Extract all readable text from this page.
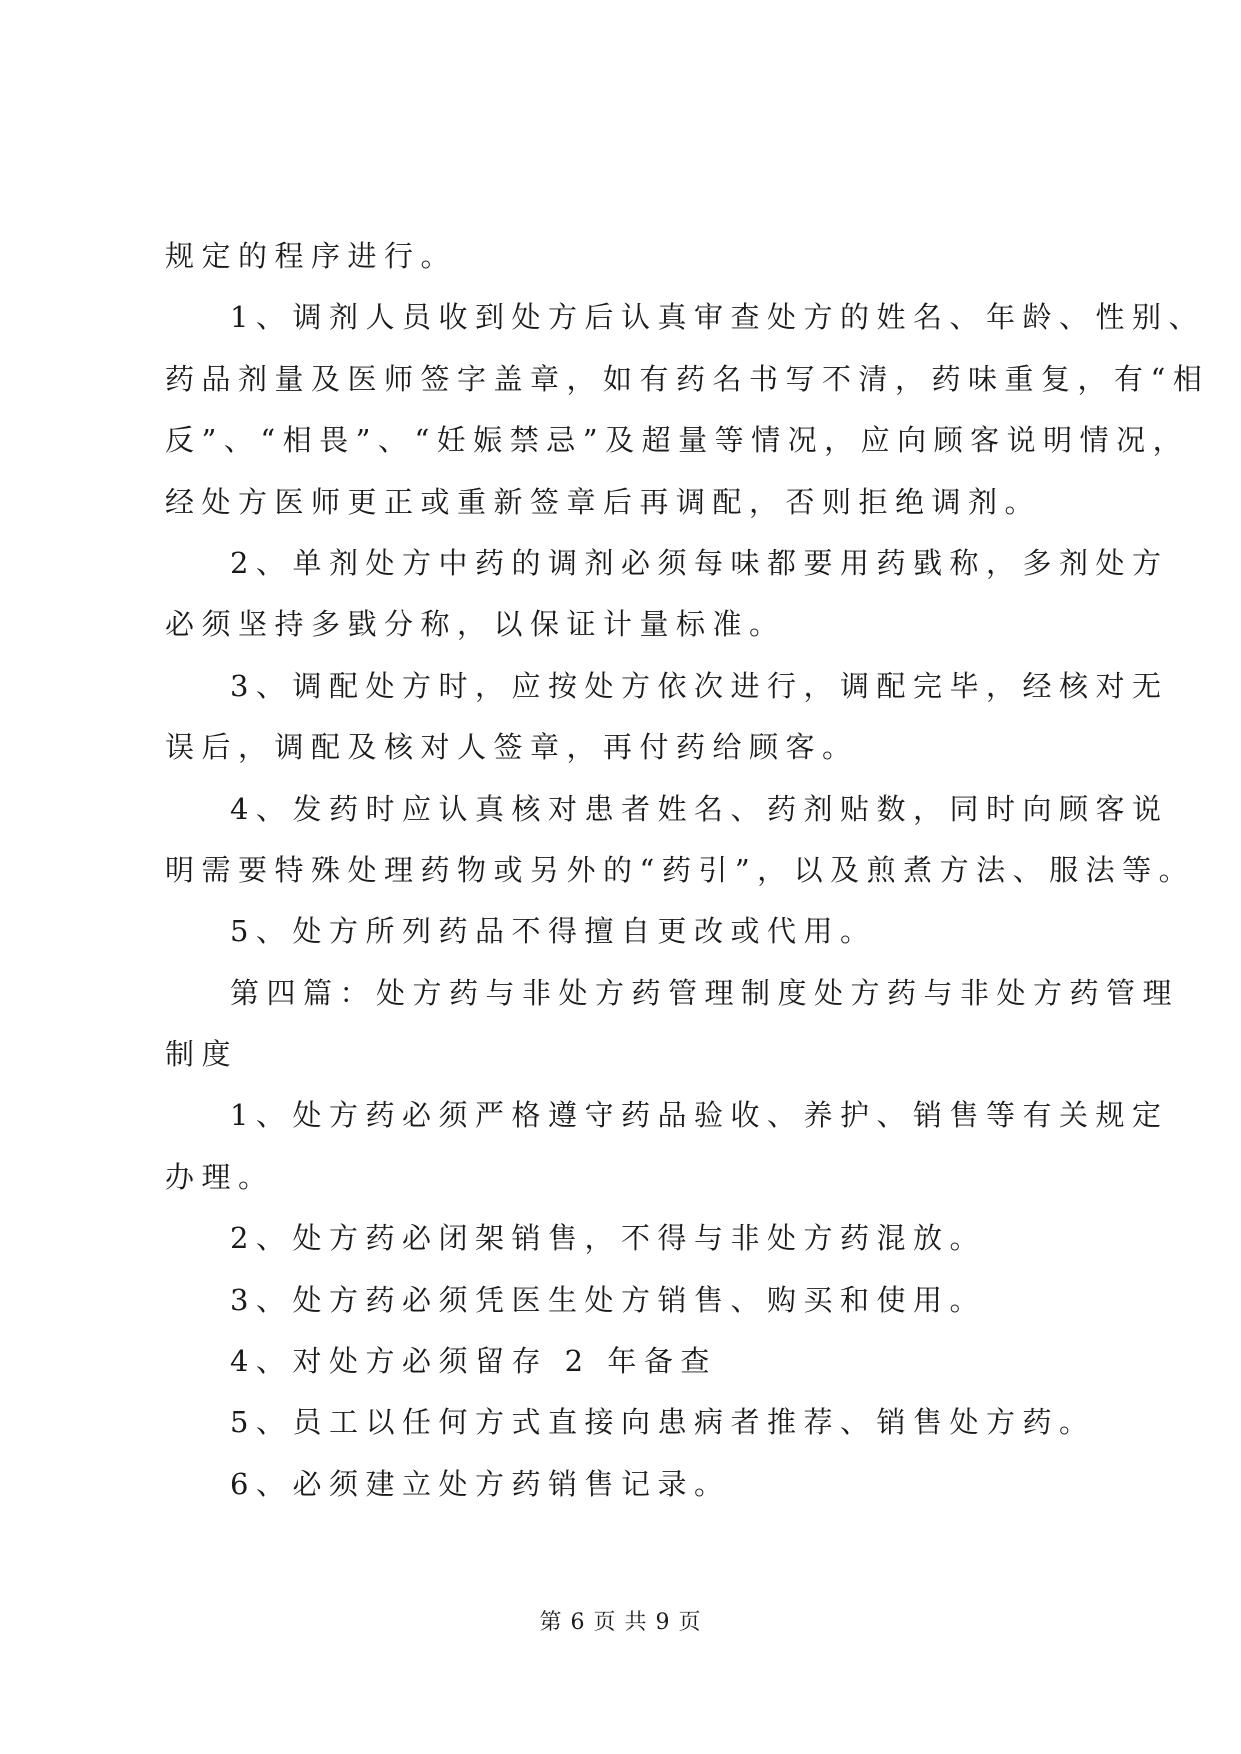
规定的程序进行。
1、调剂人员收到处方后认真审查处方的姓名、年龄、性别、
药品剂量及医师签字盖章，如有药名书写不清，药味重复，有“相
反”、“相畏”、“妊娠禁忌”及超量等情况，应向顾客说明情况，
经处方医师更正或重新签章后再调配，否则拒绝调剂。
2、单剂处方中药的调剂必须每味都要用药戥称，多剂处方
必须坚持多戥分称，以保证计量标准。
3、调配处方时，应按处方依次进行，调配完毕，经核对无
误后，调配及核对人签章，再付药给顾客。
4、发药时应认真核对患者姓名、药剂贴数，同时向顾客说
明需要特殊处理药物或另外的“药引”，以及煎煮方法、服法等。
5、处方所列药品不得擅自更改或代用。
第四篇：处方药与非处方药管理制度处方药与非处方药管理
制度
1、处方药必须严格遵守药品验收、养护、销售等有关规定
办理。
2、处方药必闭架销售，不得与非处方药混放。
3、处方药必须凭医生处方销售、购买和使用。
4、对处方必须留存 2 年备查
5、员工以任何方式直接向患病者推荐、销售处方药。
6、必须建立处方药销售记录。
第 6 页 共 9 页
